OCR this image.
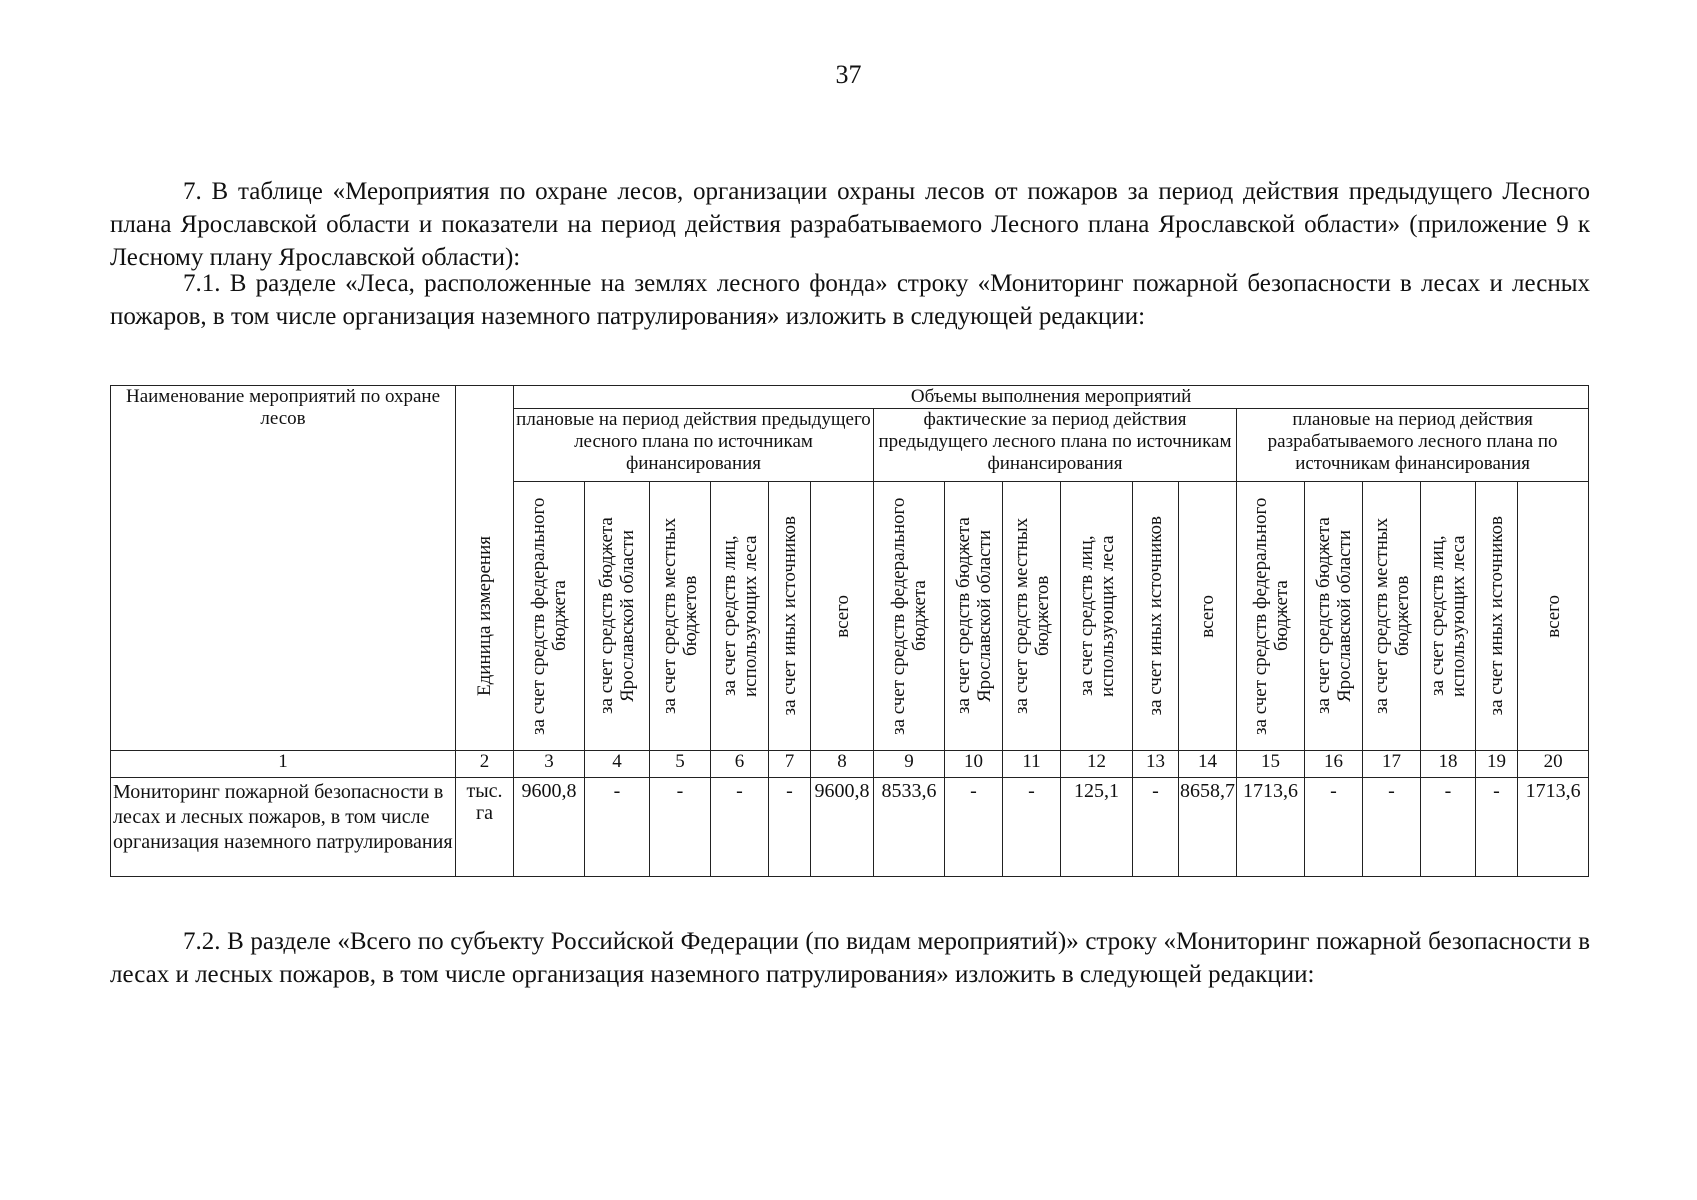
37

7. В таблице «Мероприятия по охране лесов, организации охраны лесов от пожаров за период действия предыдущего Лесного плана Ярославской области и показатели на период действия разрабатываемого Лесного плана Ярославской области» (приложение 9 к Лесному плану Ярославской области):

7.1. В разделе «Леса, расположенные на землях лесного фонда» строку «Мониторинг пожарной безопасности в лесах и лесных пожаров, в том числе организация наземного патрулирования» изложить в следующей редакции:

Наименование мероприятий по охране лесов	Единица измерения	Объемы выполнения мероприятий																	
		плановые на период действия предыдущего лесного плана по источникам финансирования						фактические за период действия предыдущего лесного плана по источникам финансирования						плановые на период действия разрабатываемого лесного плана по источникам финансирования					

		за счет средств федерального бюджета	за счет средств бюджета Ярославской области	за счет средств местных бюджетов	за счет средств лиц, использующих леса	за счет иных источников	всего	за счет средств федерального бюджета	за счет средств бюджета Ярославской области	за счет средств местных бюджетов	за счет средств лиц, использующих леса	за счет иных источников	всего	за счет средств федерального бюджета	за счет средств бюджета Ярославской области	за счет средств местных бюджетов	за счет средств лиц, использующих леса	за счет иных источников	всего

1	2	3	4	5	6	7	8	9	10	11	12	13	14	15	16	17	18	19	20
Мониторинг пожарной безопасности в лесах и лесных пожаров, в том числе организация наземного патрулирования	тыс. га	9600,8	-	-	-	-	9600,8	8533,6	-	-	125,1	-	8658,7	1713,6	-	-	-	-	1713,6

7.2. В разделе «Всего по субъекту Российской Федерации (по видам мероприятий)» строку «Мониторинг пожарной безопасности в лесах и лесных пожаров, в том числе организация наземного патрулирования» изложить в следующей редакции:
